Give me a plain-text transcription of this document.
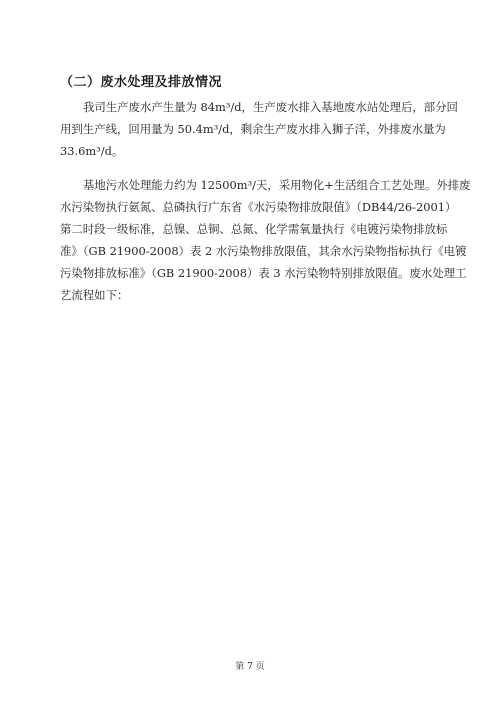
（二）废水处理及排放情况
我司生产废水产生量为 84m³/d，生产废水排入基地废水站处理后，部分回
用到生产线，回用量为 50.4m³/d，剩余生产废水排入狮子洋，外排废水量为
33.6m³/d。
基地污水处理能力约为 12500m³/天，采用物化+生活组合工艺处理。外排废
水污染物执行氨氮、总磷执行广东省《水污染物排放限值》（DB44/26-2001）
第二时段一级标准，总镍、总铜、总氮、化学需氧量执行《电镀污染物排放标
准》（GB 21900-2008）表 2 水污染物排放限值，其余水污染物指标执行《电镀
污染物排放标准》（GB 21900-2008）表 3 水污染物特别排放限值。废水处理工
艺流程如下：
第 7 页
